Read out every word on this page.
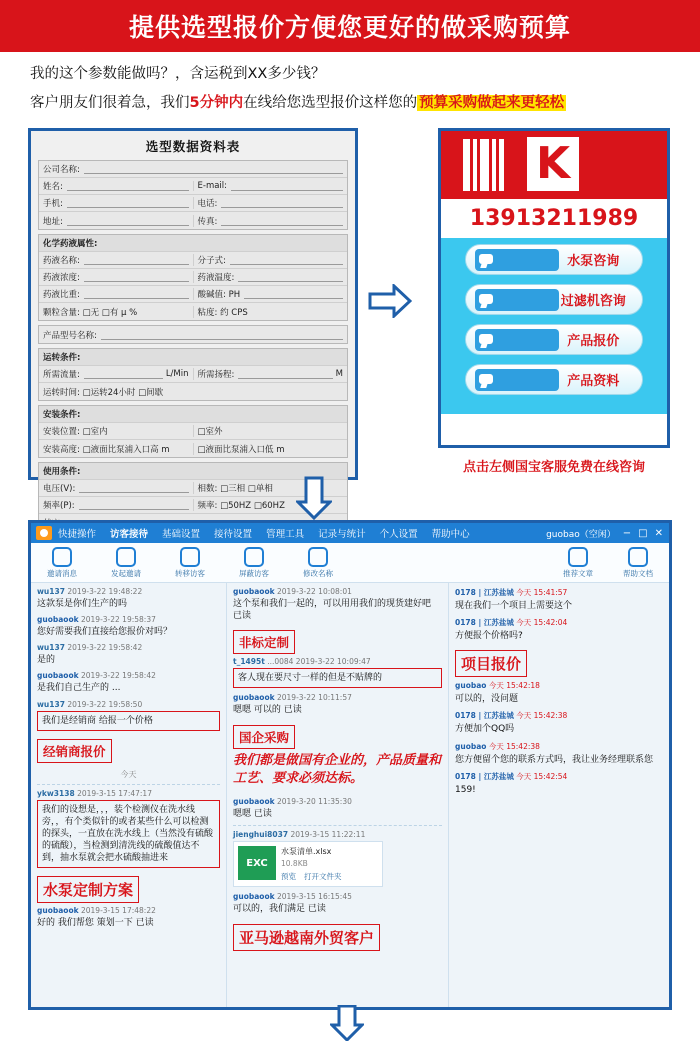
提供选型报价方便您更好的做采购预算

我的这个参数能做吗？，含运税到XX多少钱？

客户朋友们很着急，我们5分钟内在线给您选型报价这样您的 预算采购做起来更轻松

选型数据资料表
公司名称:
姓名:	E-mail:
手机:	电话:
地址:	传真:
化学药液属性:
药液名称:	分子式:
药液浓度:	药液温度:
药液比重:	酸碱值: PH
颗粒含量: □无 □有 μ %	粘度: 约 CPS
产品型号名称:
运转条件:
所需流量:	L/Min 所需扬程:	M
运转时间: □运转24小时 □间歇
安装条件:
安装位置: □室内	□室外
安装高度: □液面比泵浦入口高 m	□液面比泵浦入口低 m
使用条件:
电压(V):	相数: □三相 □单相
频率(P):	频率: □50HZ □60HZ
K
13913211989
水泵咨询
过滤机咨询
产品报价
产品资料
点击左侧国宝客服免费在线咨询
快捷操作 访客接待 基础设置 接待设置 管理工具 记录与统计 个人设置 帮助中心	guobao（空闲） − □ ✕
邀请消息	发起邀请	转移访客	屏蔽访客	修改名称	推荐文章	帮助文档
wu137 2019-3-22 19:48:22
这款泵是你们生产的吗
guobaook 2019-3-22 19:58:37
您好需要我们直接给您报价对吗？
wu137 2019-3-22 19:58:42
是的
guobaook 2019-3-22 19:58:42
是我们自己生产的 ...
wu137 2019-3-22 19:58:50
我们是经销商 给报一个价格
经销商报价
今天
ykw3138 2019-3-15 17:47:17
我们的设想是，，，装个检测仪在洗水线旁，，有个类似针的或者某些什么可以检测的探头，一直放在洗水线上（当然没有硫酸的硫酸），当检测到清洗线的硫酸值达不到，抽水泵就会把水硫酸抽进来
水泵定制方案
guobaook 2019-3-15 17:48:22
好的 我们帮您 策划一下 已读
guobaook 2019-3-22 10:08:01
这个泵和我们一起的，可以用用我们的现货建好吧 已读
非标定制
t_1495t ...0084 2019-3-22 10:09:47
客人现在要尺寸一样的但是不贴牌的
guobaook 2019-3-22 10:11:57
嗯嗯 可以的 已读
国企采购
我们都是做国有企业的，产品质量和工艺、要求必须达标。
guobaook 2019-3-20 11:35:30
嗯嗯 已读
jienghui8037 2019-3-15 11:22:11
EXC
水泵清单.xlsx
10.8KB
预览 打开文件夹
guobaook 2019-3-15 16:15:45
可以的，我们满足 已读
亚马逊越南外贸客户
0178 | 江苏盐城 今天 15:41:57
现在我们一个项目上需要这个
0178 | 江苏盐城 今天 15:42:04
方便报个价格吗?
项目报价
guobao 今天 15:42:18
可以的，没问题
0178 | 江苏盐城 今天 15:42:38
方便加个QQ吗
guobao 今天 15:42:38
您方便留个您的联系方式吗，我让业务经理联系您
0178 | 江苏盐城 今天 15:42:54
159!
